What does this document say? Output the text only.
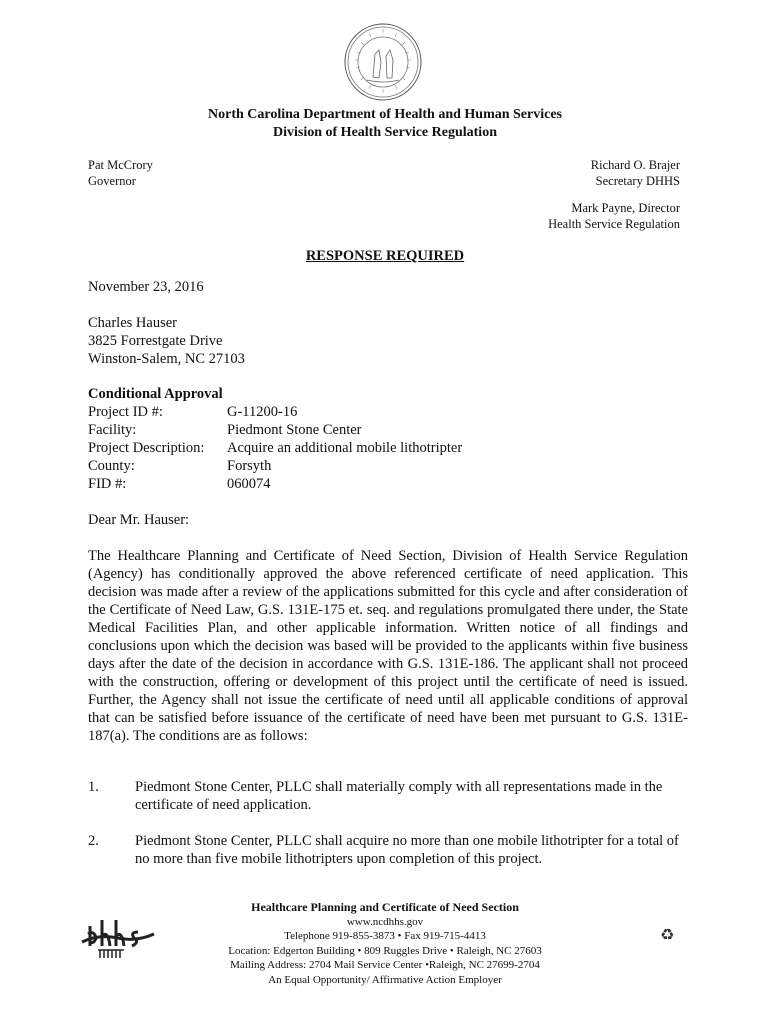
North Carolina Department of Health and Human Services
Division of Health Service Regulation
Pat McCrory
Governor
Richard O. Brajer
Secretary DHHS
Mark Payne, Director
Health Service Regulation
RESPONSE REQUIRED
November 23, 2016
Charles Hauser
3825 Forrestgate Drive
Winston-Salem, NC 27103
Conditional Approval
Project ID #:	G-11200-16
Facility:	Piedmont Stone Center
Project Description: Acquire an additional mobile lithotripter
County:	Forsyth
FID #:	060074
Dear Mr. Hauser:
The Healthcare Planning and Certificate of Need Section, Division of Health Service Regulation (Agency) has conditionally approved the above referenced certificate of need application. This decision was made after a review of the applications submitted for this cycle and after consideration of the Certificate of Need Law, G.S. 131E-175 et. seq. and regulations promulgated there under, the State Medical Facilities Plan, and other applicable information. Written notice of all findings and conclusions upon which the decision was based will be provided to the applicants within five business days after the date of the decision in accordance with G.S. 131E-186. The applicant shall not proceed with the construction, offering or development of this project until the certificate of need is issued. Further, the Agency shall not issue the certificate of need until all applicable conditions of approval that can be satisfied before issuance of the certificate of need have been met pursuant to G.S. 131E-187(a). The conditions are as follows:
1. Piedmont Stone Center, PLLC shall materially comply with all representations made in the certificate of need application.
2. Piedmont Stone Center, PLLC shall acquire no more than one mobile lithotripter for a total of no more than five mobile lithotripters upon completion of this project.
Healthcare Planning and Certificate of Need Section
www.ncdhhs.gov
Telephone 919-855-3873 • Fax 919-715-4413
Location: Edgerton Building • 809 Ruggles Drive • Raleigh, NC 27603
Mailing Address: 2704 Mail Service Center •Raleigh, NC 27699-2704
An Equal Opportunity/ Affirmative Action Employer
♻
